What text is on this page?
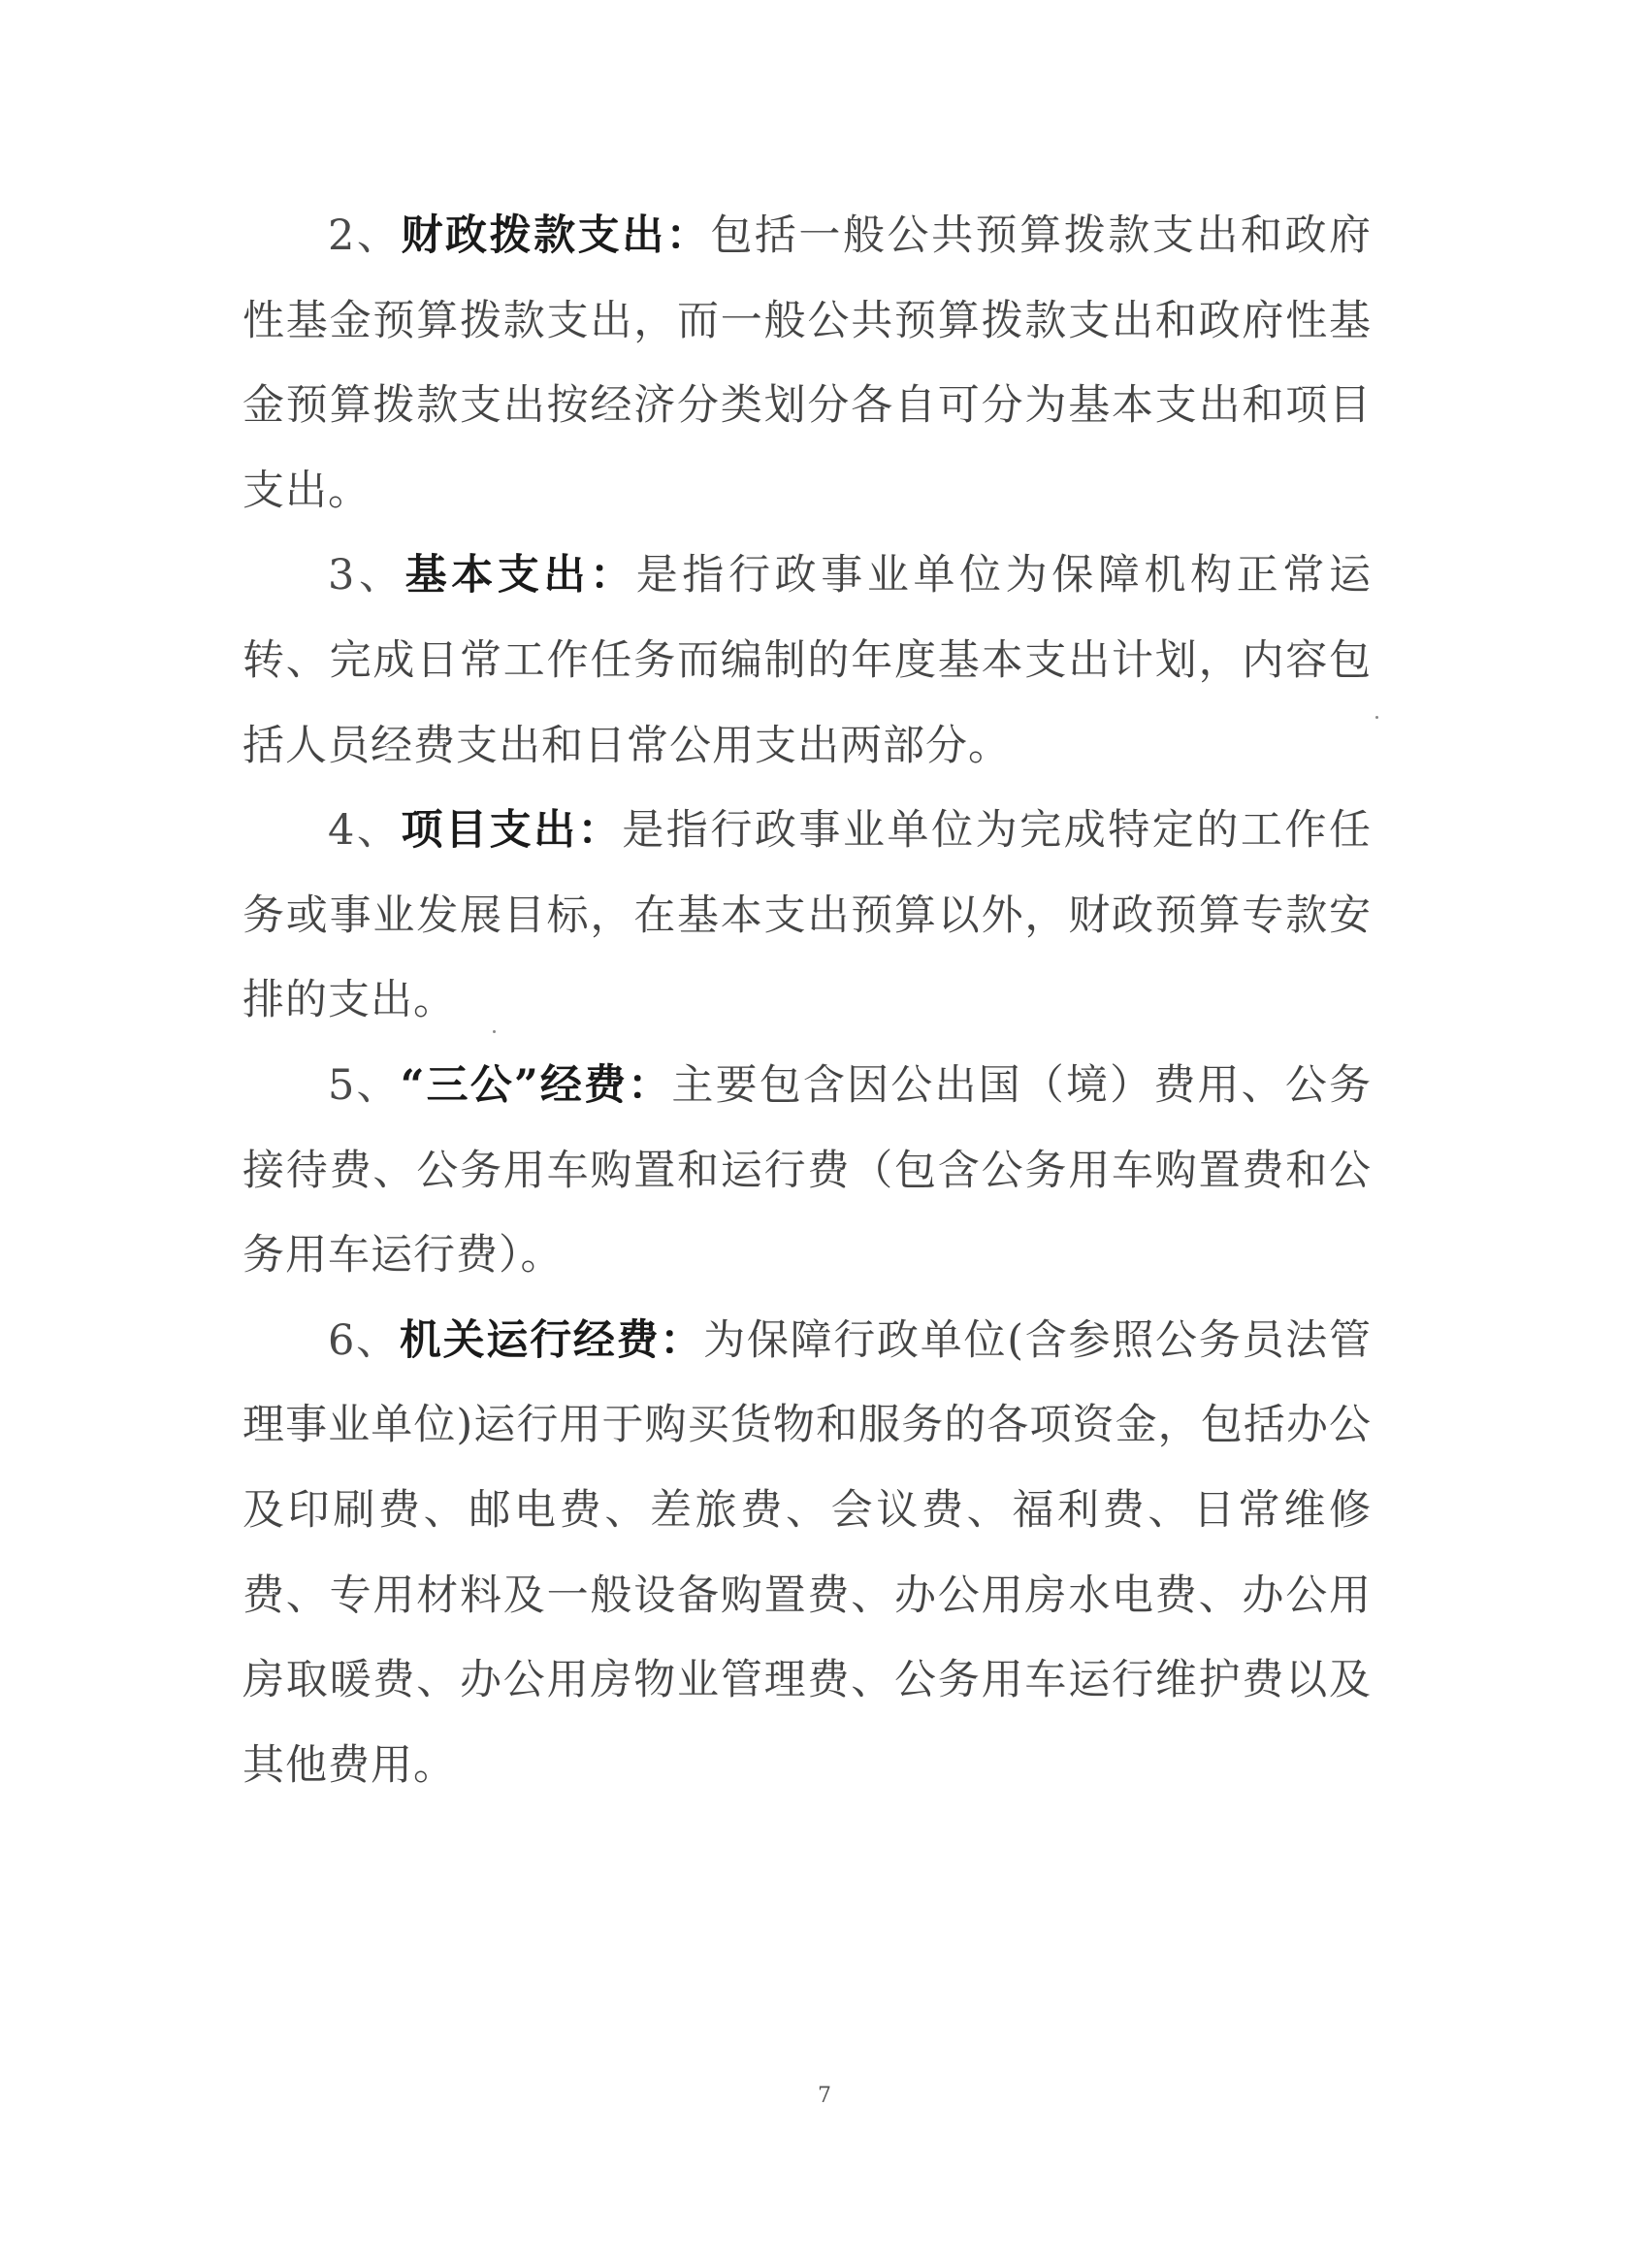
2、财政拨款支出：包括一般公共预算拨款支出和政府性基金预算拨款支出，而一般公共预算拨款支出和政府性基金预算拨款支出按经济分类划分各自可分为基本支出和项目支出。

3、基本支出：是指行政事业单位为保障机构正常运转、完成日常工作任务而编制的年度基本支出计划，内容包括人员经费支出和日常公用支出两部分。

4、项目支出：是指行政事业单位为完成特定的工作任务或事业发展目标，在基本支出预算以外，财政预算专款安排的支出。

5、“三公”经费：主要包含因公出国（境）费用、公务接待费、公务用车购置和运行费（包含公务用车购置费和公务用车运行费）。

6、机关运行经费：为保障行政单位(含参照公务员法管理事业单位)运行用于购买货物和服务的各项资金，包括办公及印刷费、邮电费、差旅费、会议费、福利费、日常维修费、专用材料及一般设备购置费、办公用房水电费、办公用房取暖费、办公用房物业管理费、公务用车运行维护费以及其他费用。

7
